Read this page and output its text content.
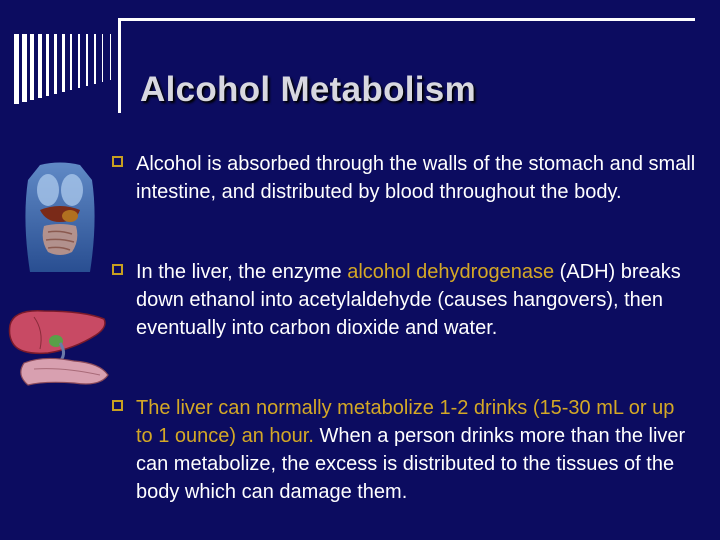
Alcohol Metabolism
Alcohol is absorbed through the walls of the stomach and small intestine, and distributed by blood throughout the body.
In the liver, the enzyme alcohol dehydrogenase (ADH) breaks down ethanol into acetylaldehyde (causes hangovers), then eventually into carbon dioxide and water.
The liver can normally metabolize 1-2 drinks (15-30 mL or up to 1 ounce) an hour. When a person drinks more than the liver can metabolize, the excess is distributed to the tissues of the body which can damage them.
